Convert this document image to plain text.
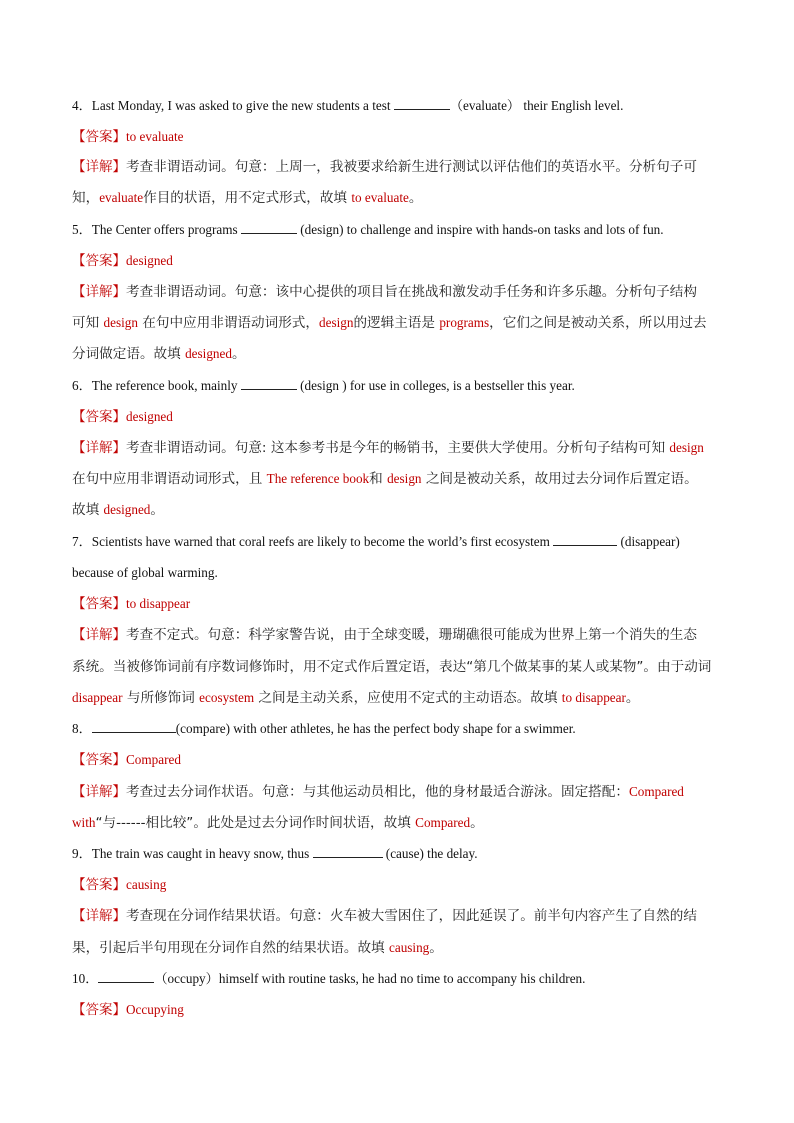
4．Last Monday, I was asked to give the new students a test	（evaluate） their English level.
【答案】to evaluate
【详解】考查非谓语动词。句意：上周一，我被要求给新生进行测试以评估他们的英语水平。分析句子可
知，evaluate作目的状语，用不定式形式，故填 to evaluate。
5．The Center offers programs	(design) to challenge and inspire with hands-on tasks and lots of fun.
【答案】designed
【详解】考查非谓语动词。句意：该中心提供的项目旨在挑战和激发动手任务和许多乐趣。分析句子结构
可知 design 在句中应用非谓语动词形式，design的逻辑主语是 programs，它们之间是被动关系，所以用过去
分词做定语。故填 designed。
6．The reference book, mainly	(design ) for use in colleges, is a bestseller this year.
【答案】designed
【详解】考查非谓语动词。句意: 这本参考书是今年的畅销书，主要供大学使用。分析句子结构可知 design
在句中应用非谓语动词形式，且 The reference book和 design 之间是被动关系，故用过去分词作后置定语。
故填 designed。
7．Scientists have warned that coral reefs are likely to become the world’s first ecosystem	(disappear)
because of global warming.
【答案】to disappear
【详解】考查不定式。句意：科学家警告说，由于全球变暖，珊瑚礁很可能成为世界上第一个消失的生态
系统。当被修饰词前有序数词修饰时，用不定式作后置定语，表达“第几个做某事的某人或某物”。由于动词
disappear 与所修饰词 ecosystem 之间是主动关系，应使用不定式的主动语态。故填 to disappear。
8．	(compare) with other athletes, he has the perfect body shape for a swimmer.
【答案】Compared
【详解】考查过去分词作状语。句意：与其他运动员相比，他的身材最适合游泳。固定搭配：Compared
with“与------相比较”。此处是过去分词作时间状语，故填 Compared。
9．The train was caught in heavy snow, thus	(cause) the delay.
【答案】causing
【详解】考查现在分词作结果状语。句意：火车被大雪困住了，因此延误了。前半句内容产生了自然的结
果，引起后半句用现在分词作自然的结果状语。故填 causing。
10．	（occupy）himself with routine tasks, he had no time to accompany his children.
【答案】Occupying
